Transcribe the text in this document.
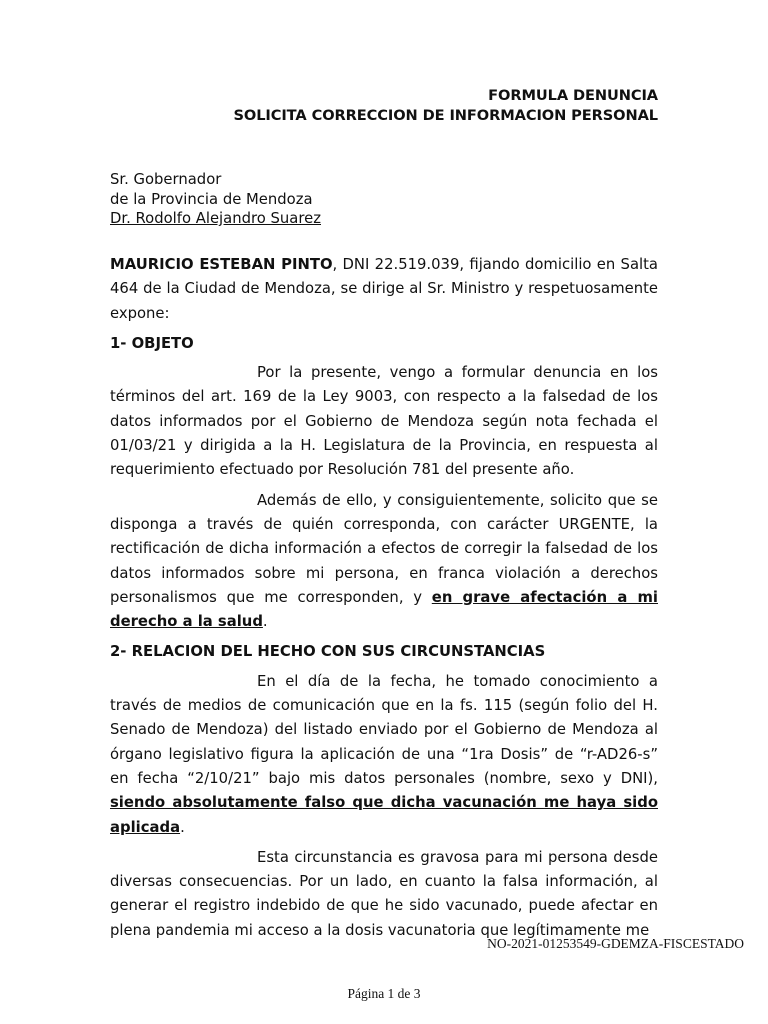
FORMULA DENUNCIA
SOLICITA CORRECCION DE INFORMACION PERSONAL
Sr. Gobernador
de la Provincia de Mendoza
Dr. Rodolfo Alejandro Suarez

MAURICIO ESTEBAN PINTO, DNI 22.519.039, fijando domicilio en Salta 464 de la Ciudad de Mendoza, se dirige al Sr. Ministro y respetuosamente expone:

1- OBJETO

Por la presente, vengo a formular denuncia en los términos del art. 169 de la Ley 9003, con respecto a la falsedad de los datos informados por el Gobierno de Mendoza según nota fechada el 01/03/21 y dirigida a la H. Legislatura de la Provincia, en respuesta al requerimiento efectuado por Resolución 781 del presente año.

Además de ello, y consiguientemente, solicito que se disponga a través de quién corresponda, con carácter URGENTE, la rectificación de dicha información a efectos de corregir la falsedad de los datos informados sobre mi persona, en franca violación a derechos personalismos que me corresponden, y en grave afectación a mi derecho a la salud.

2- RELACION DEL HECHO CON SUS CIRCUNSTANCIAS

En el día de la fecha, he tomado conocimiento a través de medios de comunicación que en la fs. 115 (según folio del H. Senado de Mendoza) del listado enviado por el Gobierno de Mendoza al órgano legislativo figura la aplicación de una “1ra Dosis” de “r-AD26-s” en fecha “2/10/21” bajo mis datos personales (nombre, sexo y DNI), siendo absolutamente falso que dicha vacunación me haya sido aplicada.

Esta circunstancia es gravosa para mi persona desde diversas consecuencias. Por un lado, en cuanto la falsa información, al generar el registro indebido de que he sido vacunado, puede afectar en plena pandemia mi acceso a la dosis vacunatoria que legítimamente me

NO-2021-01253549-GDEMZA-FISCESTADO
Página 1 de 3
